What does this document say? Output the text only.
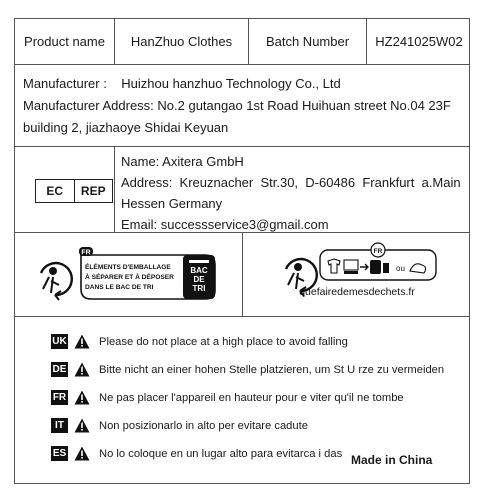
Product name	HanZhuo Clothes	Batch Number	HZ241025W02
Manufacturer :    Huizhou hanzhuo Technology Co., Ltd
Manufacturer Address: No.2 gutangao 1st Road Huihuan street No.04 23F
building 2, jiazhaoye Shidai Keyuan
EC	REP
Name: Axitera GmbH
Address:  Kreuznacher  Str.30,  D-60486  Frankfurt  a.Main
Hessen Germany
Email: successservice3@gmail.com
FR
ÉLÉMENTS D'EMBALLAGE
À SÉPARER ET À DÉPOSER
DANS LE BAC DE TRI
BAC
DE
TRI
FR
ou
quefairedemesdechets.fr
UK	Please do not place at a high place to avoid falling
DE	Bitte nicht an einer hohen Stelle platzieren, um St U rze zu vermeiden
FR	Ne pas placer l'appareil en hauteur pour e viter qu'il ne tombe
IT	Non posizionarlo in alto per evitare cadute
ES	No lo coloque en un lugar alto para evitarca i das Made in China
